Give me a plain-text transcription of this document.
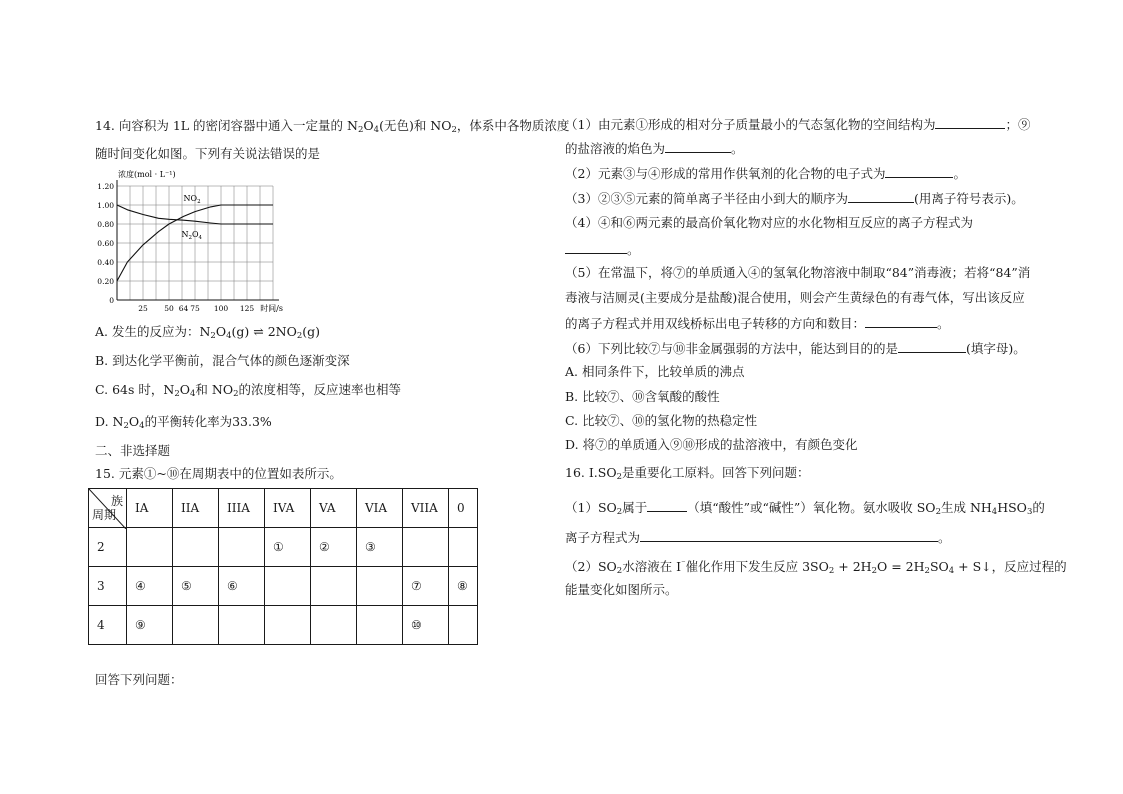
14. 向容积为 1L 的密闭容器中通入一定量的 $N_2O_4$(无色)和 $NO_2$，体系中各物质浓度
随时间变化如图。下列有关说法错误的是
1.20
1.00
0.80
0.60
0.40
0.20
0
25 50 64 75 100 125
浓度(mol · L⁻¹)
时间/s
$NO_2$
$N_2O_4$
A. 发生的反应为：$N_2O_4(g)$ ⇌ $2NO_2(g)$
B. 到达化学平衡前，混合气体的颜色逐渐变深
C. 64s 时，$N_2O_4$和 $NO_2$的浓度相等，反应速率也相等
D. $N_2O_4$的平衡转化率为33.3%
二、非选择题
15. 元素①~⑩在周期表中的位置如表所示。
族
周期	IA	IIA	IIIA	IVA	VA	VIA	VIIA	0
2				①	②	③		
3	④	⑤	⑥				⑦	⑧
4	⑨						⑩	
回答下列问题：
（1）由元素①形成的相对分子质量最小的气态氢化物的空间结构为	；⑨
的盐溶液的焰色为	。
（2）元素③与④形成的常用作供氧剂的化合物的电子式为	。
（3）②③⑤元素的简单离子半径由小到大的顺序为	(用离子符号表示)。
（4）④和⑥两元素的最高价氧化物对应的水化物相互反应的离子方程式为
。
（5）在常温下，将⑦的单质通入④的氢氧化物溶液中制取“84”消毒液；若将“84”消
毒液与洁厕灵(主要成分是盐酸)混合使用，则会产生黄绿色的有毒气体，写出该反应
的离子方程式并用双线桥标出电子转移的方向和数目：	。
（6）下列比较⑦与⑩非金属强弱的方法中，能达到目的的是	(填字母)。
A. 相同条件下，比较单质的沸点
B. 比较⑦、⑩含氧酸的酸性
C. 比较⑦、⑩的氢化物的热稳定性
D. 将⑦的单质通入⑨⑩形成的盐溶液中，有颜色变化
16. $I.SO_2$是重要化工原料。回答下列问题：
$(1)SO_2$属于	（填“酸性”或“碱性”）氧化物。氨水吸收 $SO_2$生成 $NH_4HSO_3$的
离子方程式为	。
$(2)SO_2$水溶液在 I⁻催化作用下发生反应 $3SO_2 + 2H_2O = 2H_2SO_4$ + S↓，反应过程的
能量变化如图所示。
